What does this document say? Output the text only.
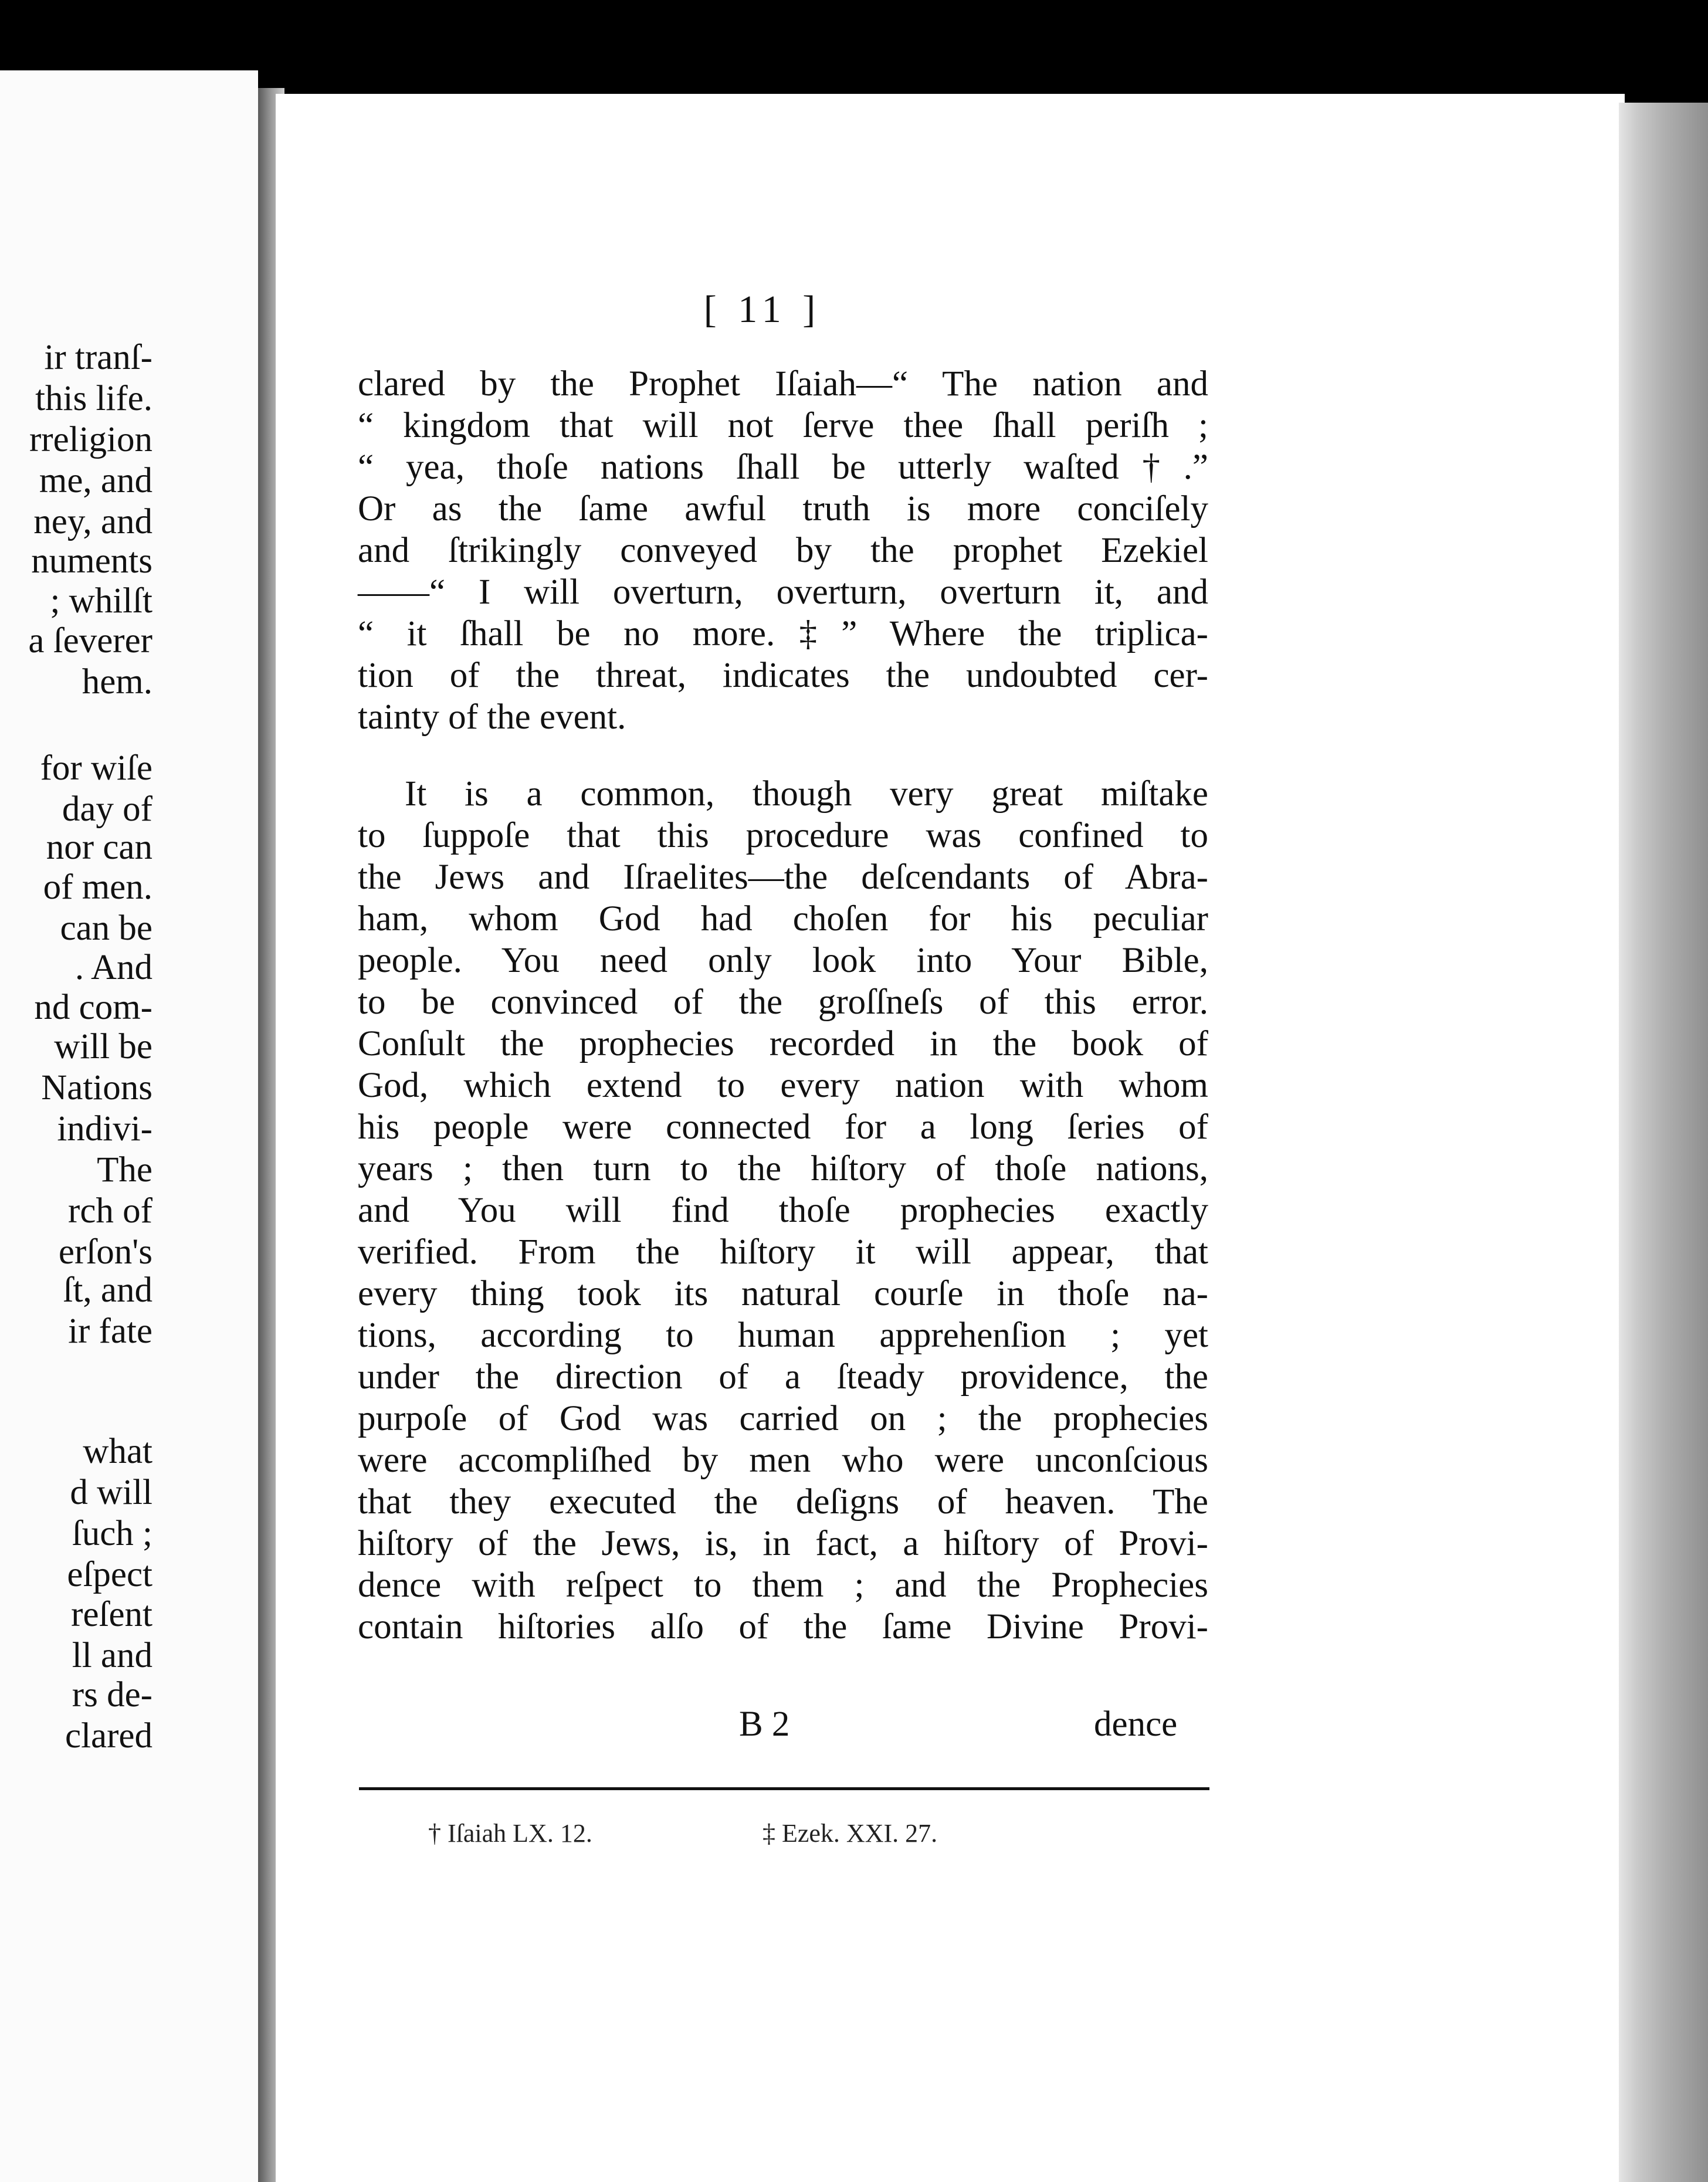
ir tranſ-
this life.
rreligion
me, and
ney, and
numents
; whilſt
a ſeverer
hem.
for wiſe
day of
nor can
of men.
can be
. And
nd com-
will be
Nations
indivi-
The
rch of
erſon's
ſt, and
ir fate
what
d will
ſuch ;
eſpect
reſent
ll and
rs de-
clared
[ 11 ]
clared by the Prophet Iſaiah—“ The nation and
“ kingdom that will not ſerve thee ſhall periſh ;
“ yea, thoſe nations ſhall be utterly waſted†.”
Or as the ſame awful truth is more conciſely
and ſtrikingly conveyed by the prophet Ezekiel
——“ I will overturn, overturn, overturn it, and
“ it ſhall be no more.‡” Where the triplica-
tion of the threat, indicates the undoubted cer-
tainty of the event.
It is a common, though very great miſtake
to ſuppoſe that this procedure was confined to
the Jews and Iſraelites—the deſcendants of Abra-
ham, whom God had choſen for his peculiar
people. You need only look into Your Bible,
to be convinced of the groſſneſs of this error.
Conſult the prophecies recorded in the book of
God, which extend to every nation with whom
his people were connected for a long ſeries of
years ; then turn to the hiſtory of thoſe nations,
and You will find thoſe prophecies exactly
verified. From the hiſtory it will appear, that
every thing took its natural courſe in thoſe na-
tions, according to human apprehenſion ; yet
under the direction of a ſteady providence, the
purpoſe of God was carried on ; the prophecies
were accompliſhed by men who were unconſcious
that they executed the deſigns of heaven. The
hiſtory of the Jews, is, in fact, a hiſtory of Provi-
dence with reſpect to them ; and the Prophecies
contain hiſtories alſo of the ſame Divine Provi-
B 2	dence
† Iſaiah LX. 12.	‡ Ezek. XXI. 27.
